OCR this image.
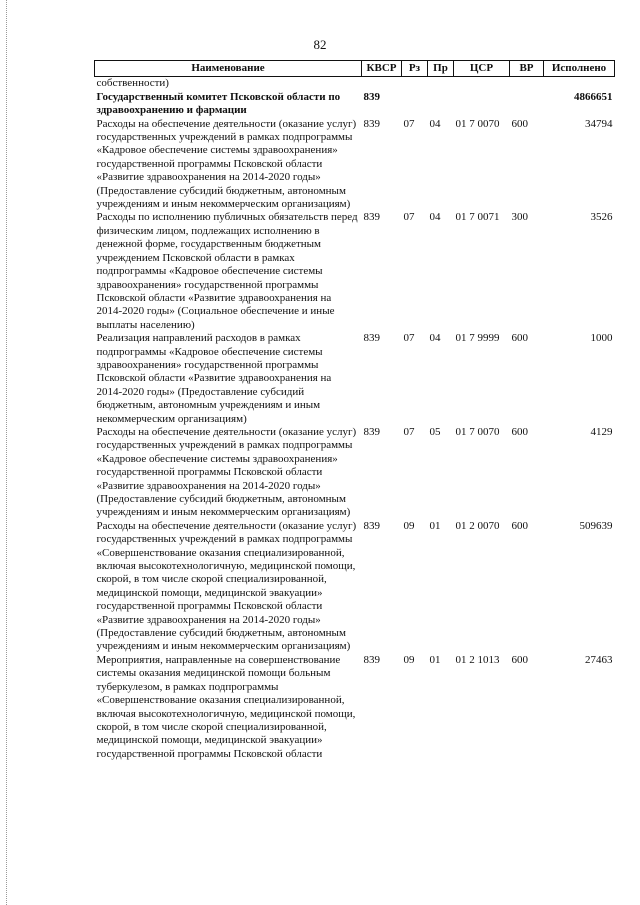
82
Наименование	КВСР	Рз	Пр	ЦСР	ВР	Исполнено
собственности)						
Государственный комитет Псковской области по здравоохранению и фармации	839					4866651
Расходы на обеспечение деятельности (оказание услуг) государственных учреждений в рамках подпрограммы «Кадровое обеспечение системы здравоохранения» государственной программы Псковской области «Развитие здравоохранения на 2014-2020 годы» (Предоставление субсидий бюджетным, автономным учреждениям и иным некоммерческим организациям)	839	07	04	01 7 0070	600	34794
Расходы по исполнению публичных обязательств перед физическим лицом, подлежащих исполнению в денежной форме, государственным бюджетным учреждением Псковской области в рамках подпрограммы «Кадровое обеспечение системы здравоохранения» государственной программы Псковской области «Развитие здравоохранения на 2014-2020 годы» (Социальное обеспечение и иные выплаты населению)	839	07	04	01 7 0071	300	3526
Реализация направлений расходов в рамках подпрограммы «Кадровое обеспечение системы здравоохранения» государственной программы Псковской области «Развитие здравоохранения на 2014-2020 годы» (Предоставление субсидий бюджетным, автономным учреждениям и иным некоммерческим организациям)	839	07	04	01 7 9999	600	1000
Расходы на обеспечение деятельности (оказание услуг) государственных учреждений в рамках подпрограммы «Кадровое обеспечение системы здравоохранения» государственной программы Псковской области «Развитие здравоохранения на 2014-2020 годы» (Предоставление субсидий бюджетным, автономным учреждениям и иным некоммерческим организациям)	839	07	05	01 7 0070	600	4129
Расходы на обеспечение деятельности (оказание услуг) государственных учреждений в рамках подпрограммы «Совершенствование оказания специализированной, включая высокотехнологичную, медицинской помощи, скорой, в том числе скорой специализированной, медицинской помощи, медицинской эвакуации» государственной программы Псковской области «Развитие здравоохранения на 2014-2020 годы» (Предоставление субсидий бюджетным, автономным учреждениям и иным некоммерческим организациям)	839	09	01	01 2 0070	600	509639
Мероприятия, направленные на совершенствование системы оказания медицинской помощи больным туберкулезом, в рамках подпрограммы «Совершенствование оказания специализированной, включая высокотехнологичную, медицинской помощи, скорой, в том числе скорой специализированной, медицинской помощи, медицинской эвакуации» государственной программы Псковской области	839	09	01	01 2 1013	600	27463
